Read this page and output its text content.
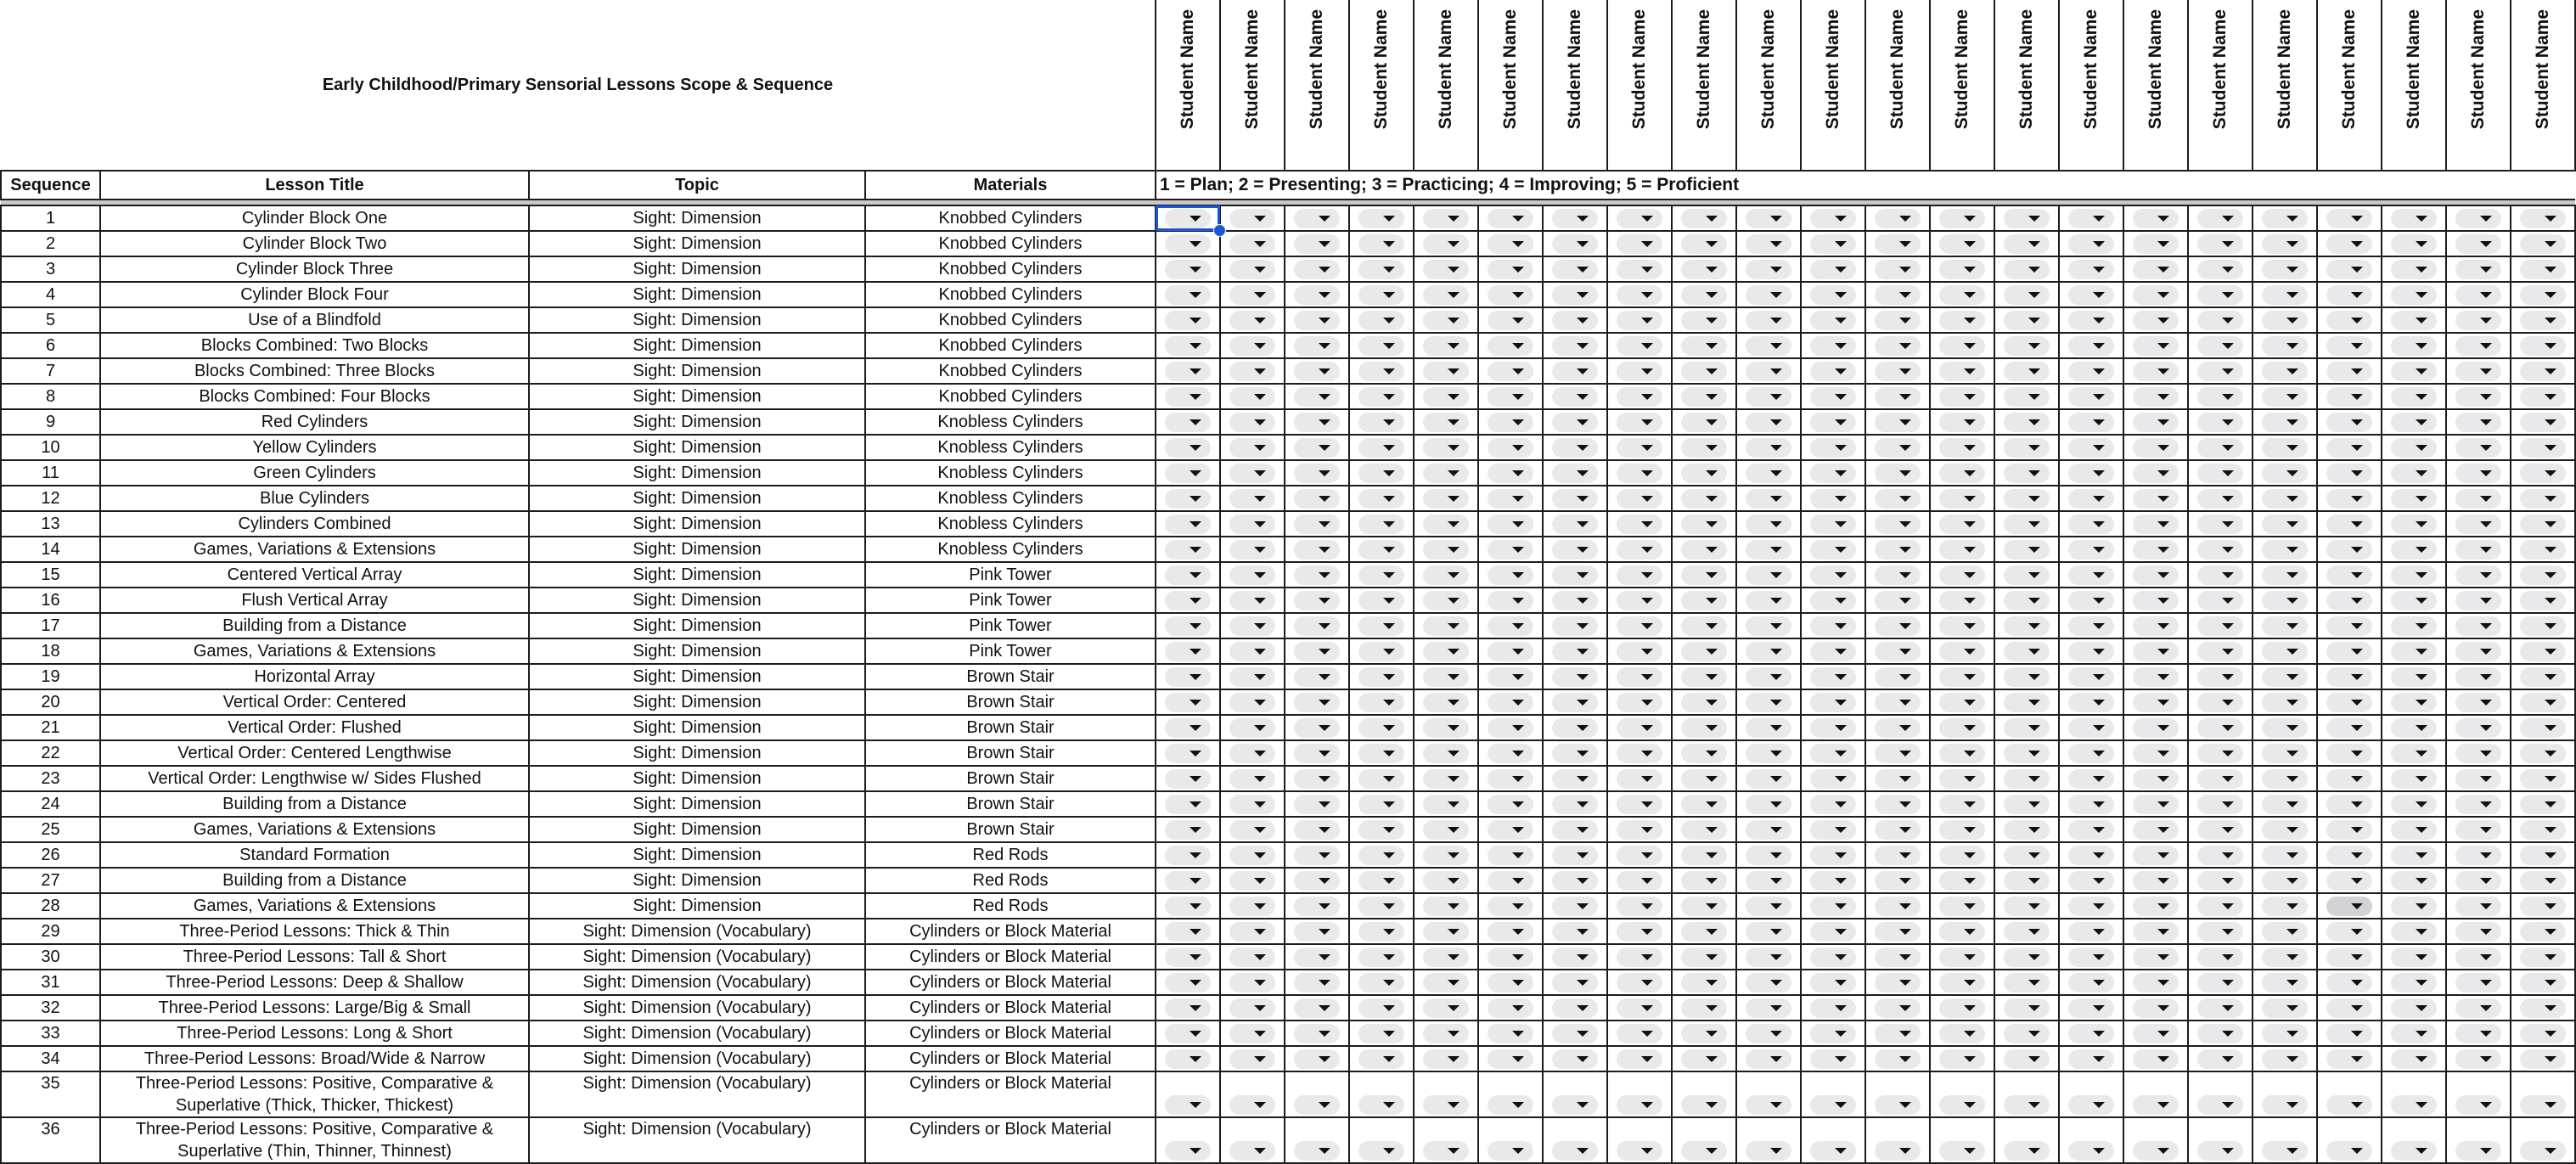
Early Childhood/Primary Sensorial Lessons Scope & Sequence				Student Name	Student Name	Student Name	Student Name	Student Name	Student Name	Student Name	Student Name	Student Name	Student Name	Student Name	Student Name	Student Name	Student Name	Student Name	Student Name	Student Name	Student Name	Student Name	Student Name	Student Name	Student Name
Sequence	Lesson Title	Topic	Materials	1 = Plan; 2 = Presenting; 3 = Practicing; 4 = Improving; 5 = Proficient																					

1	Cylinder Block One	Sight: Dimension	Knobbed Cylinders	

2	Cylinder Block Two	Sight: Dimension	Knobbed Cylinders	

3	Cylinder Block Three	Sight: Dimension	Knobbed Cylinders	

4	Cylinder Block Four	Sight: Dimension	Knobbed Cylinders	

5	Use of a Blindfold	Sight: Dimension	Knobbed Cylinders	

6	Blocks Combined: Two Blocks	Sight: Dimension	Knobbed Cylinders	

7	Blocks Combined: Three Blocks	Sight: Dimension	Knobbed Cylinders	

8	Blocks Combined: Four Blocks	Sight: Dimension	Knobbed Cylinders	

9	Red Cylinders	Sight: Dimension	Knobless Cylinders	

10	Yellow Cylinders	Sight: Dimension	Knobless Cylinders	

11	Green Cylinders	Sight: Dimension	Knobless Cylinders	

12	Blue Cylinders	Sight: Dimension	Knobless Cylinders	

13	Cylinders Combined	Sight: Dimension	Knobless Cylinders	

14	Games, Variations & Extensions	Sight: Dimension	Knobless Cylinders	

15	Centered Vertical Array	Sight: Dimension	Pink Tower	

16	Flush Vertical Array	Sight: Dimension	Pink Tower	

17	Building from a Distance	Sight: Dimension	Pink Tower	

18	Games, Variations & Extensions	Sight: Dimension	Pink Tower	

19	Horizontal Array	Sight: Dimension	Brown Stair	

20	Vertical Order: Centered	Sight: Dimension	Brown Stair	

21	Vertical Order: Flushed	Sight: Dimension	Brown Stair	

22	Vertical Order: Centered Lengthwise	Sight: Dimension	Brown Stair	

23	Vertical Order: Lengthwise w/ Sides Flushed	Sight: Dimension	Brown Stair	

24	Building from a Distance	Sight: Dimension	Brown Stair	

25	Games, Variations & Extensions	Sight: Dimension	Brown Stair	

26	Standard Formation	Sight: Dimension	Red Rods	

27	Building from a Distance	Sight: Dimension	Red Rods	

28	Games, Variations & Extensions	Sight: Dimension	Red Rods	

29	Three-Period Lessons: Thick & Thin	Sight: Dimension (Vocabulary)	Cylinders or Block Material	

30	Three-Period Lessons: Tall & Short	Sight: Dimension (Vocabulary)	Cylinders or Block Material	

31	Three-Period Lessons: Deep & Shallow	Sight: Dimension (Vocabulary)	Cylinders or Block Material	

32	Three-Period Lessons: Large/Big & Small	Sight: Dimension (Vocabulary)	Cylinders or Block Material	

33	Three-Period Lessons: Long & Short	Sight: Dimension (Vocabulary)	Cylinders or Block Material	

34	Three-Period Lessons: Broad/Wide & Narrow	Sight: Dimension (Vocabulary)	Cylinders or Block Material	

35	Three-Period Lessons: Positive, Comparative & Superlative (Thick, Thicker, Thickest)	Sight: Dimension (Vocabulary)	Cylinders or Block Material	

36	Three-Period Lessons: Positive, Comparative & Superlative (Thin, Thinner, Thinnest)	Sight: Dimension (Vocabulary)	Cylinders or Block Material	
